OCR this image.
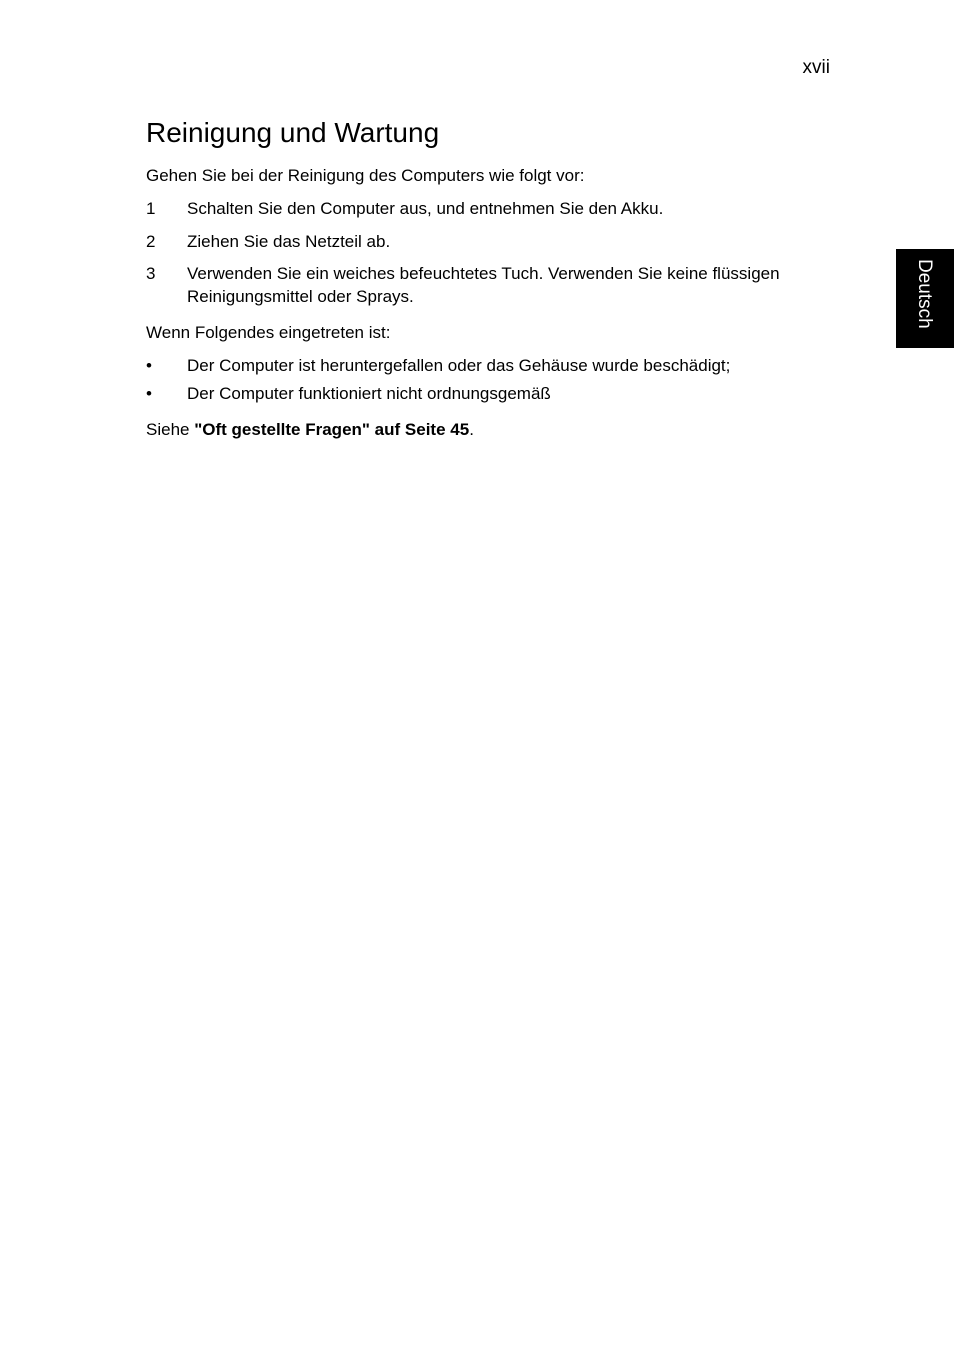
xvii
Deutsch
Reinigung und Wartung

Gehen Sie bei der Reinigung des Computers wie folgt vor:

1 Schalten Sie den Computer aus, und entnehmen Sie den Akku.
2 Ziehen Sie das Netzteil ab.
3 Verwenden Sie ein weiches befeuchtetes Tuch. Verwenden Sie keine flüssigen
Reinigungsmittel oder Sprays.

Wenn Folgendes eingetreten ist:

• Der Computer ist heruntergefallen oder das Gehäuse wurde beschädigt;
• Der Computer funktioniert nicht ordnungsgemäß

Siehe "Oft gestellte Fragen" auf Seite 45.
